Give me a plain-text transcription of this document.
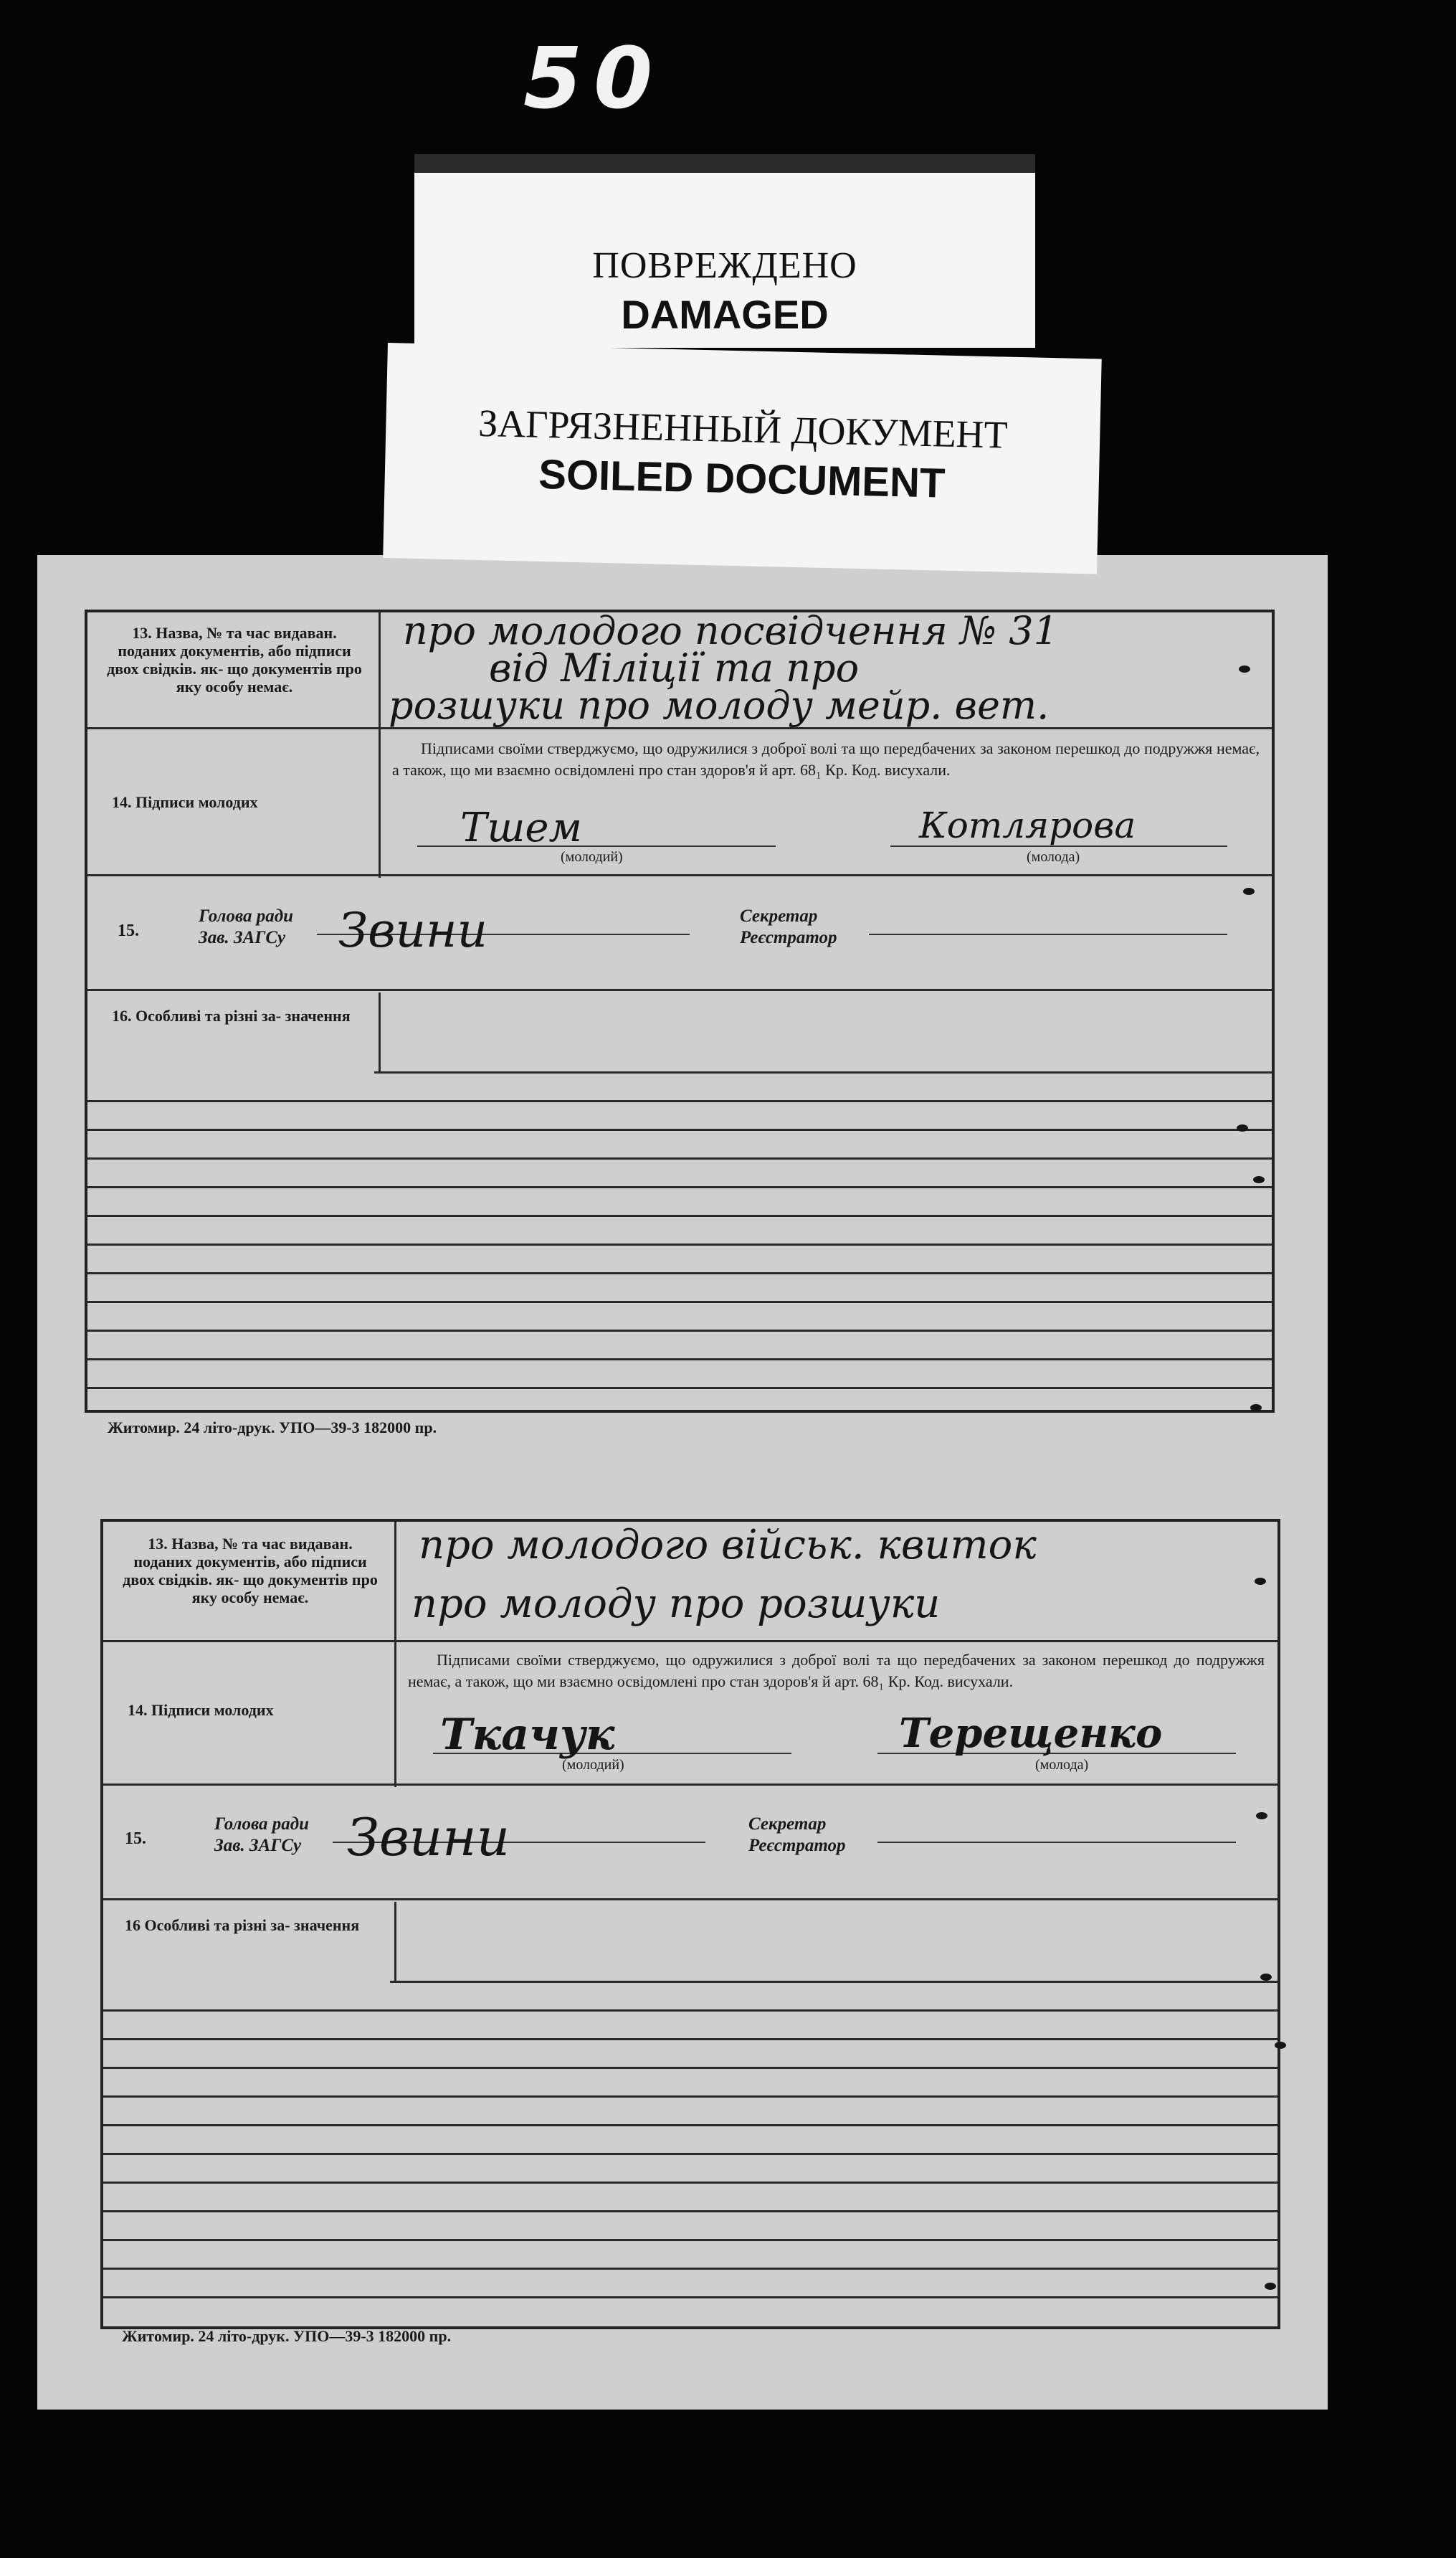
50
ПОВРЕЖДЕНО
DAMAGED
ЗАГРЯЗНЕННЫЙ ДОКУМЕНТ
SOILED DOCUMENT
13. Назва, № та час видаван. поданих документів, або підписи двох свідків. як- що документів про яку особу немає.
про молодого посвідчення № 31
від Міліції та про
розшуки про молоду мейр. вет.
14. Підписи молодих
Підписами своїми стверджуємо, що одружилися з доброї волі та що передбачених за законом перешкод до подружжя немає, а також, що ми взаємно освідомлені про стан здоров'я й арт. 68₁ Кр. Код. висухали.
Тшем
(молодий)
Котлярова
(молода)
15.
Голова ради
Зав. ЗАГСу Звини	Секретар
Реєстратор
16. Особливі та різні за- значення
Житомир. 24 літо-друк. УПО—39-3 182000 пр.
13. Назва, № та час видаван. поданих документів, або підписи двох свідків. як- що документів про яку особу немає.
про молодого військ. квиток
про молоду про розшуки
14. Підписи молодих
Підписами своїми стверджуємо, що одружилися з доброї волі та що передбачених за законом перешкод до подружжя немає, а також, що ми взаємно освідомлені про стан здоров'я й арт. 68₁ Кр. Код. висухали.
Ткачук
(молодий)
Терещенко
(молода)
15.
Голова ради
Зав. ЗАГСу Звини	Секретар
Реєстратор
16 Особливі та різні за- значення
Житомир. 24 літо-друк. УПО—39-3 182000 пр.
